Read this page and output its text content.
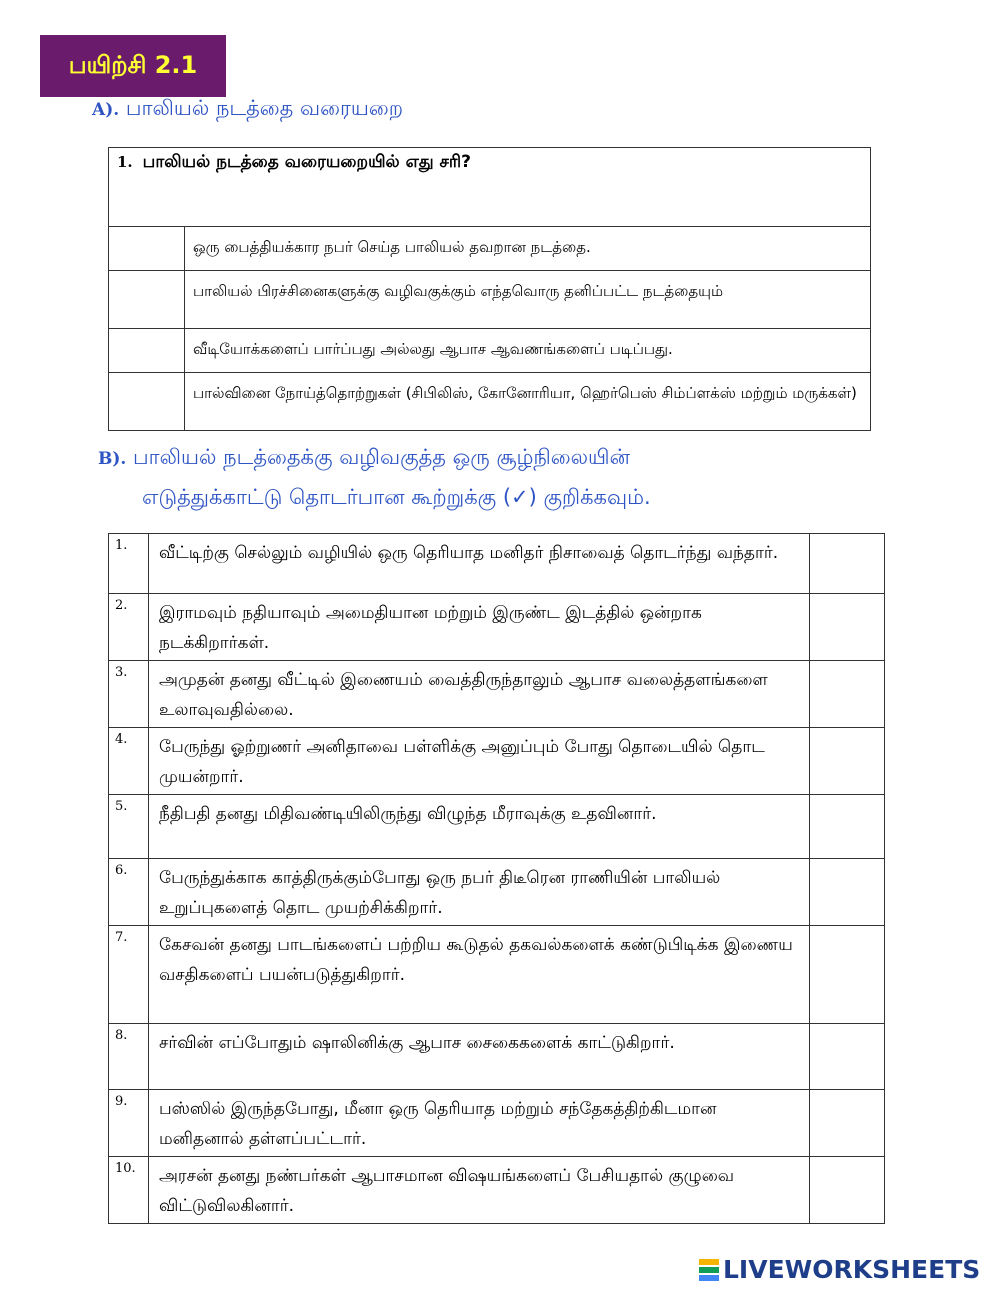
பயிற்சி 2.1
A). பாலியல் நடத்தை வரையறை
1. பாலியல் நடத்தை வரையறையில் எது சரி?	
	ஒரு பைத்தியக்கார நபர் செய்த பாலியல் தவறான நடத்தை.
	பாலியல் பிரச்சினைகளுக்கு வழிவகுக்கும் எந்தவொரு தனிப்பட்ட நடத்தையும்
	வீடியோக்களைப் பார்ப்பது அல்லது ஆபாச ஆவணங்களைப் படிப்பது.
	பால்வினை நோய்த்தொற்றுகள் (சிபிலிஸ், கோனோரியா, ஹெர்பெஸ் சிம்ப்ளக்ஸ் மற்றும் மருக்கள்)
B). பாலியல் நடத்தைக்கு வழிவகுத்த ஒரு சூழ்நிலையின்
எடுத்துக்காட்டு தொடர்பான கூற்றுக்கு (✓) குறிக்கவும்.
1.	வீட்டிற்கு செல்லும் வழியில் ஒரு தெரியாத மனிதர் நிசாவைத் தொடர்ந்து வந்தார்.	
2.	இராமவும் நதியாவும் அமைதியான மற்றும் இருண்ட இடத்தில் ஒன்றாக நடக்கிறார்கள்.	
3.	அமுதன் தனது வீட்டில் இணையம் வைத்திருந்தாலும் ஆபாச வலைத்தளங்களை உலாவுவதில்லை.	
4.	பேருந்து ஓற்றுணர் அனிதாவை பள்ளிக்கு அனுப்பும் போது தொடையில் தொட முயன்றார்.	
5.	நீதிபதி தனது மிதிவண்டியிலிருந்து விழுந்த மீராவுக்கு உதவினார்.	
6.	பேருந்துக்காக காத்திருக்கும்போது ஒரு நபர் திடீரென ராணியின் பாலியல் உறுப்புகளைத் தொட முயற்சிக்கிறார்.	
7.	கேசவன் தனது பாடங்களைப் பற்றிய கூடுதல் தகவல்களைக் கண்டுபிடிக்க இணைய வசதிகளைப் பயன்படுத்துகிறார்.	
8.	சர்வின் எப்போதும் ஷாலினிக்கு ஆபாச சைகைகளைக் காட்டுகிறார்.	
9.	பஸ்ஸில் இருந்தபோது, மீனா ஒரு தெரியாத மற்றும் சந்தேகத்திற்கிடமான மனிதனால் தள்ளப்பட்டார்.	
10.	அரசன் தனது நண்பர்கள் ஆபாசமான விஷயங்களைப் பேசியதால் குழுவை விட்டுவிலகினார்.	
LIVEWORKSHEETS
